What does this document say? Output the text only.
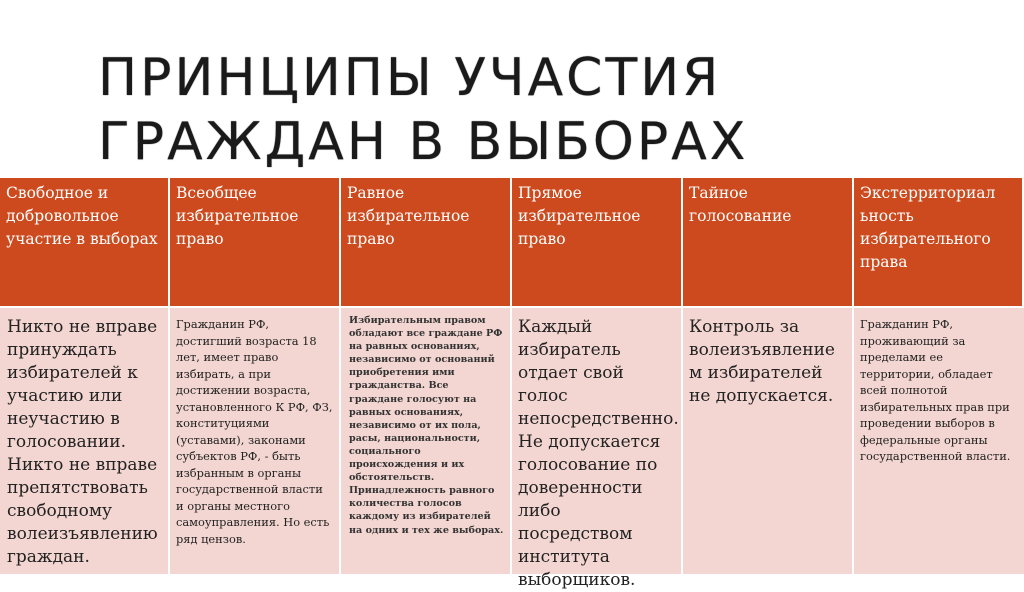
ПРИНЦИПЫ УЧАСТИЯ
ГРАЖДАН В ВЫБОРАХ
Свободное и добровольное участие в выборах
Всеобщее избирательное право
Равное избирательное право
Прямое избирательное право
Тайное голосование
Экстерриториал ьность избирательного права
Никто не вправе принуждать избирателей к участию или неучастию в голосовании. Никто не вправе препятствовать свободному волеизъявлению граждан.
Гражданин РФ, достигший возраста 18 лет, имеет право избирать, а при достижении возраста, установленного К РФ, ФЗ, конституциями (уставами), законами субъектов РФ, - быть избранным в органы государственной власти и органы местного самоуправления. Но есть ряд цензов.
Избирательным правом обладают все граждане РФ на равных основаниях, независимо от оснований приобретения ими гражданства. Все граждане голосуют на равных основаниях, независимо от их пола, расы, национальности, социального происхождения и их обстоятельств. Принадлежность равного количества голосов каждому из избирателей на одних и тех же выборах.
Каждый избиратель отдает свой голос непосредственно. Не допускается голосование по доверенности либо посредством института выборщиков.
Контроль за волеизъявление м избирателей не допускается.
Гражданин РФ, проживающий за пределами ее территории, обладает всей полнотой избирательных прав при проведении выборов в федеральные органы государственной власти.
